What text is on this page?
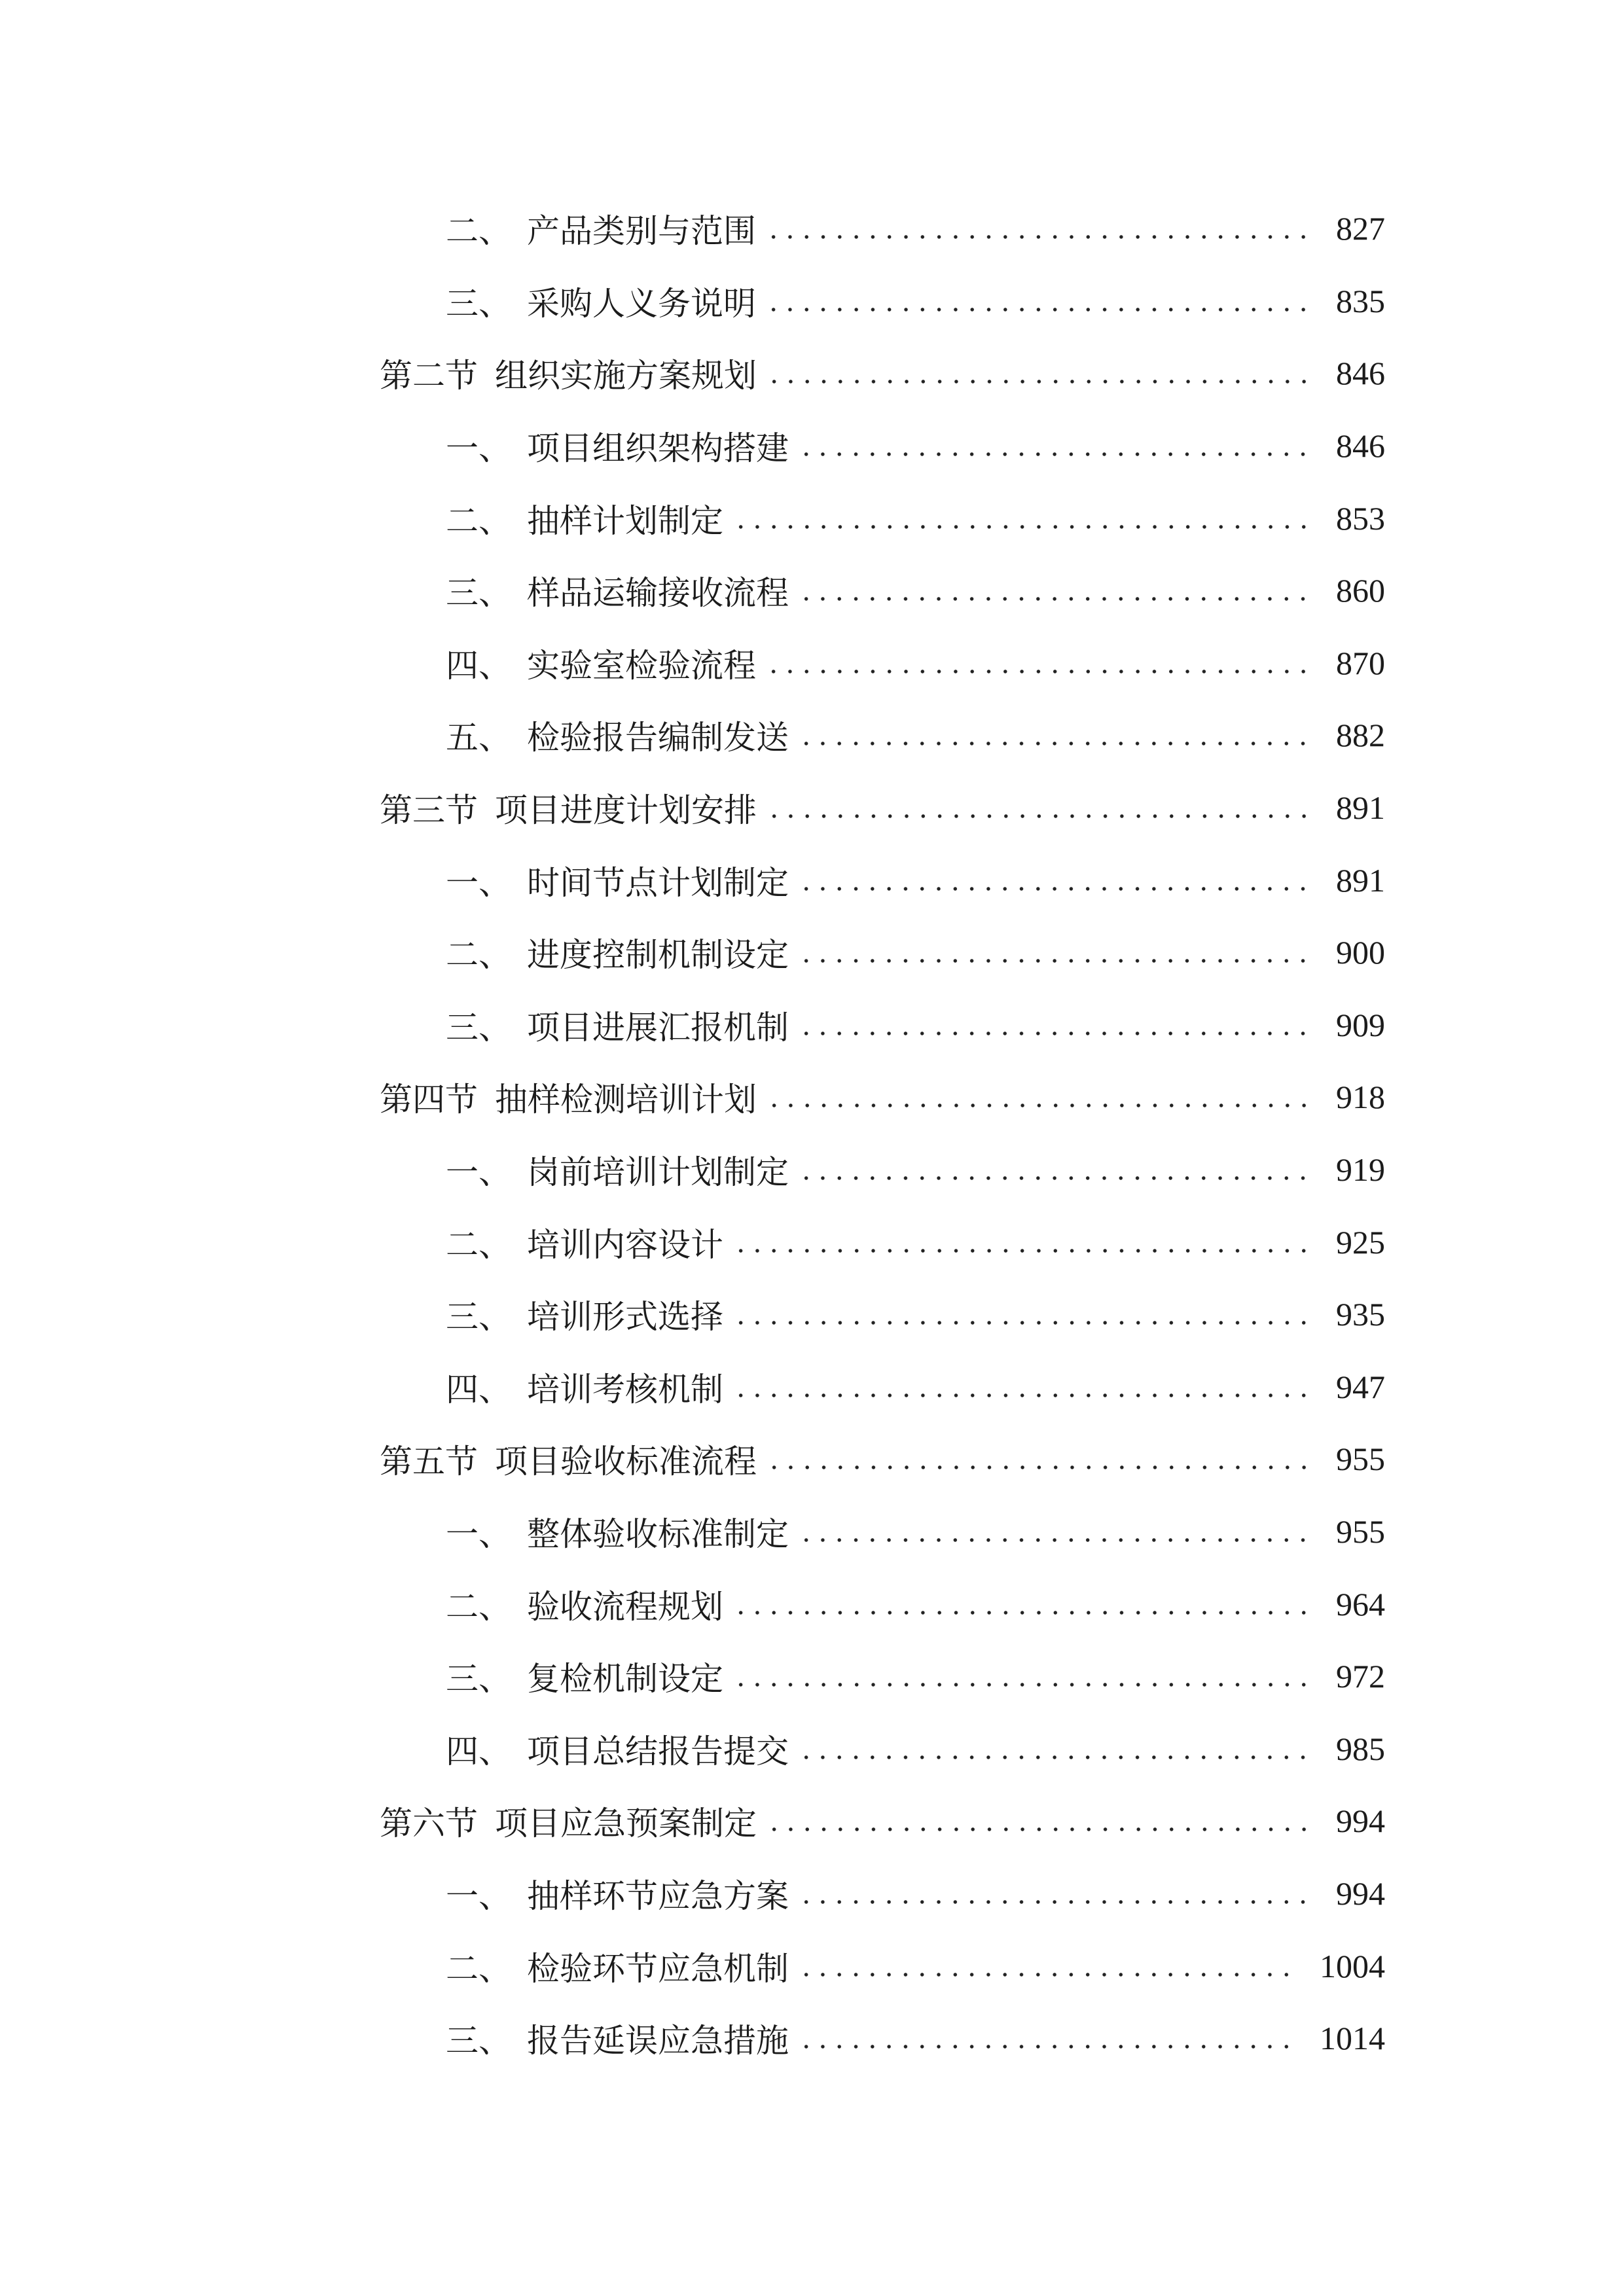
二、 产品类别与范围	827
三、 采购人义务说明	835
第二节 组织实施方案规划	846
一、 项目组织架构搭建	846
二、 抽样计划制定	853
三、 样品运输接收流程	860
四、 实验室检验流程	870
五、 检验报告编制发送	882
第三节 项目进度计划安排	891
一、 时间节点计划制定	891
二、 进度控制机制设定	900
三、 项目进展汇报机制	909
第四节 抽样检测培训计划	918
一、 岗前培训计划制定	919
二、 培训内容设计	925
三、 培训形式选择	935
四、 培训考核机制	947
第五节 项目验收标准流程	955
一、 整体验收标准制定	955
二、 验收流程规划	964
三、 复检机制设定	972
四、 项目总结报告提交	985
第六节 项目应急预案制定	994
一、 抽样环节应急方案	994
二、 检验环节应急机制	1004
三、 报告延误应急措施	1014
